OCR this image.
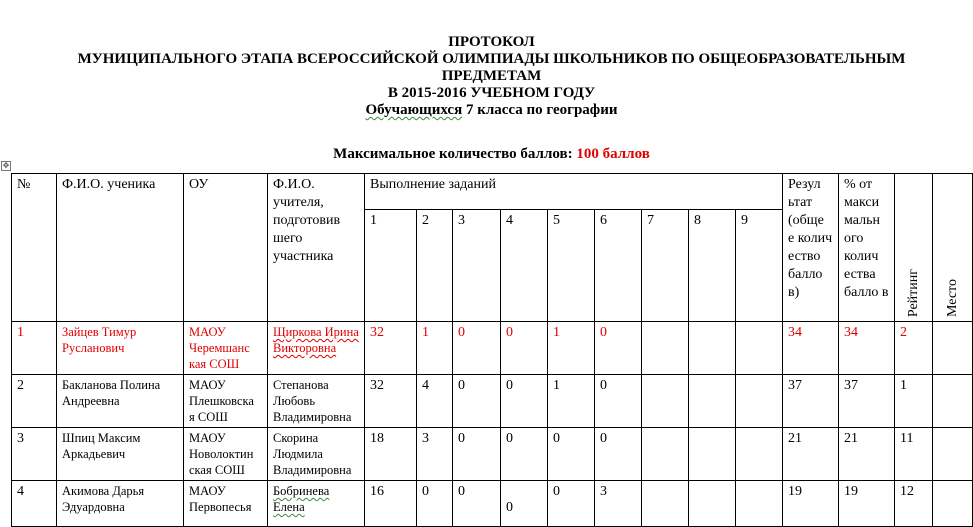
ПРОТОКОЛ
МУНИЦИПАЛЬНОГО ЭТАПА ВСЕРОССИЙСКОЙ ОЛИМПИАДЫ ШКОЛЬНИКОВ ПО ОБЩЕОБРАЗОВАТЕЛЬНЫМ
ПРЕДМЕТАМ
В 2015-2016 УЧЕБНОМ ГОДУ
Обучающихся 7 класса по географии
Максимальное количество баллов: 100 баллов
✥
№	Ф.И.О. ученика	ОУ	Ф.И.О. учителя, подготовив шего участника	Выполнение заданий									Резул ьтат (обще е колич ество балло в)	% от макси мальн ого колич ества балло в	Рейтинг	Место

				1	2	3	4	5	6	7	8	9				
1	Зайцев Тимур Русланович	МАОУ Черемшанс кая СОШ	Щиркова Ирина Викторовна	32	1	0	0	1	0				34	34	2	
2	Бакланова Полина Андреевна	МАОУ Плешковска я СОШ	Степанова Любовь Владимировна	32	4	0	0	1	0				37	37	1	
3	Шпиц Максим Аркадьевич	МАОУ Новолоктин ская СОШ	Скорина Людмила Владимировна	18	3	0	0	0	0				21	21	11	
4	Акимова Дарья Эдуардовна	МАОУ Первопесья	Бобринева Елена	16	0	0	0	0	3				19	19	12	
